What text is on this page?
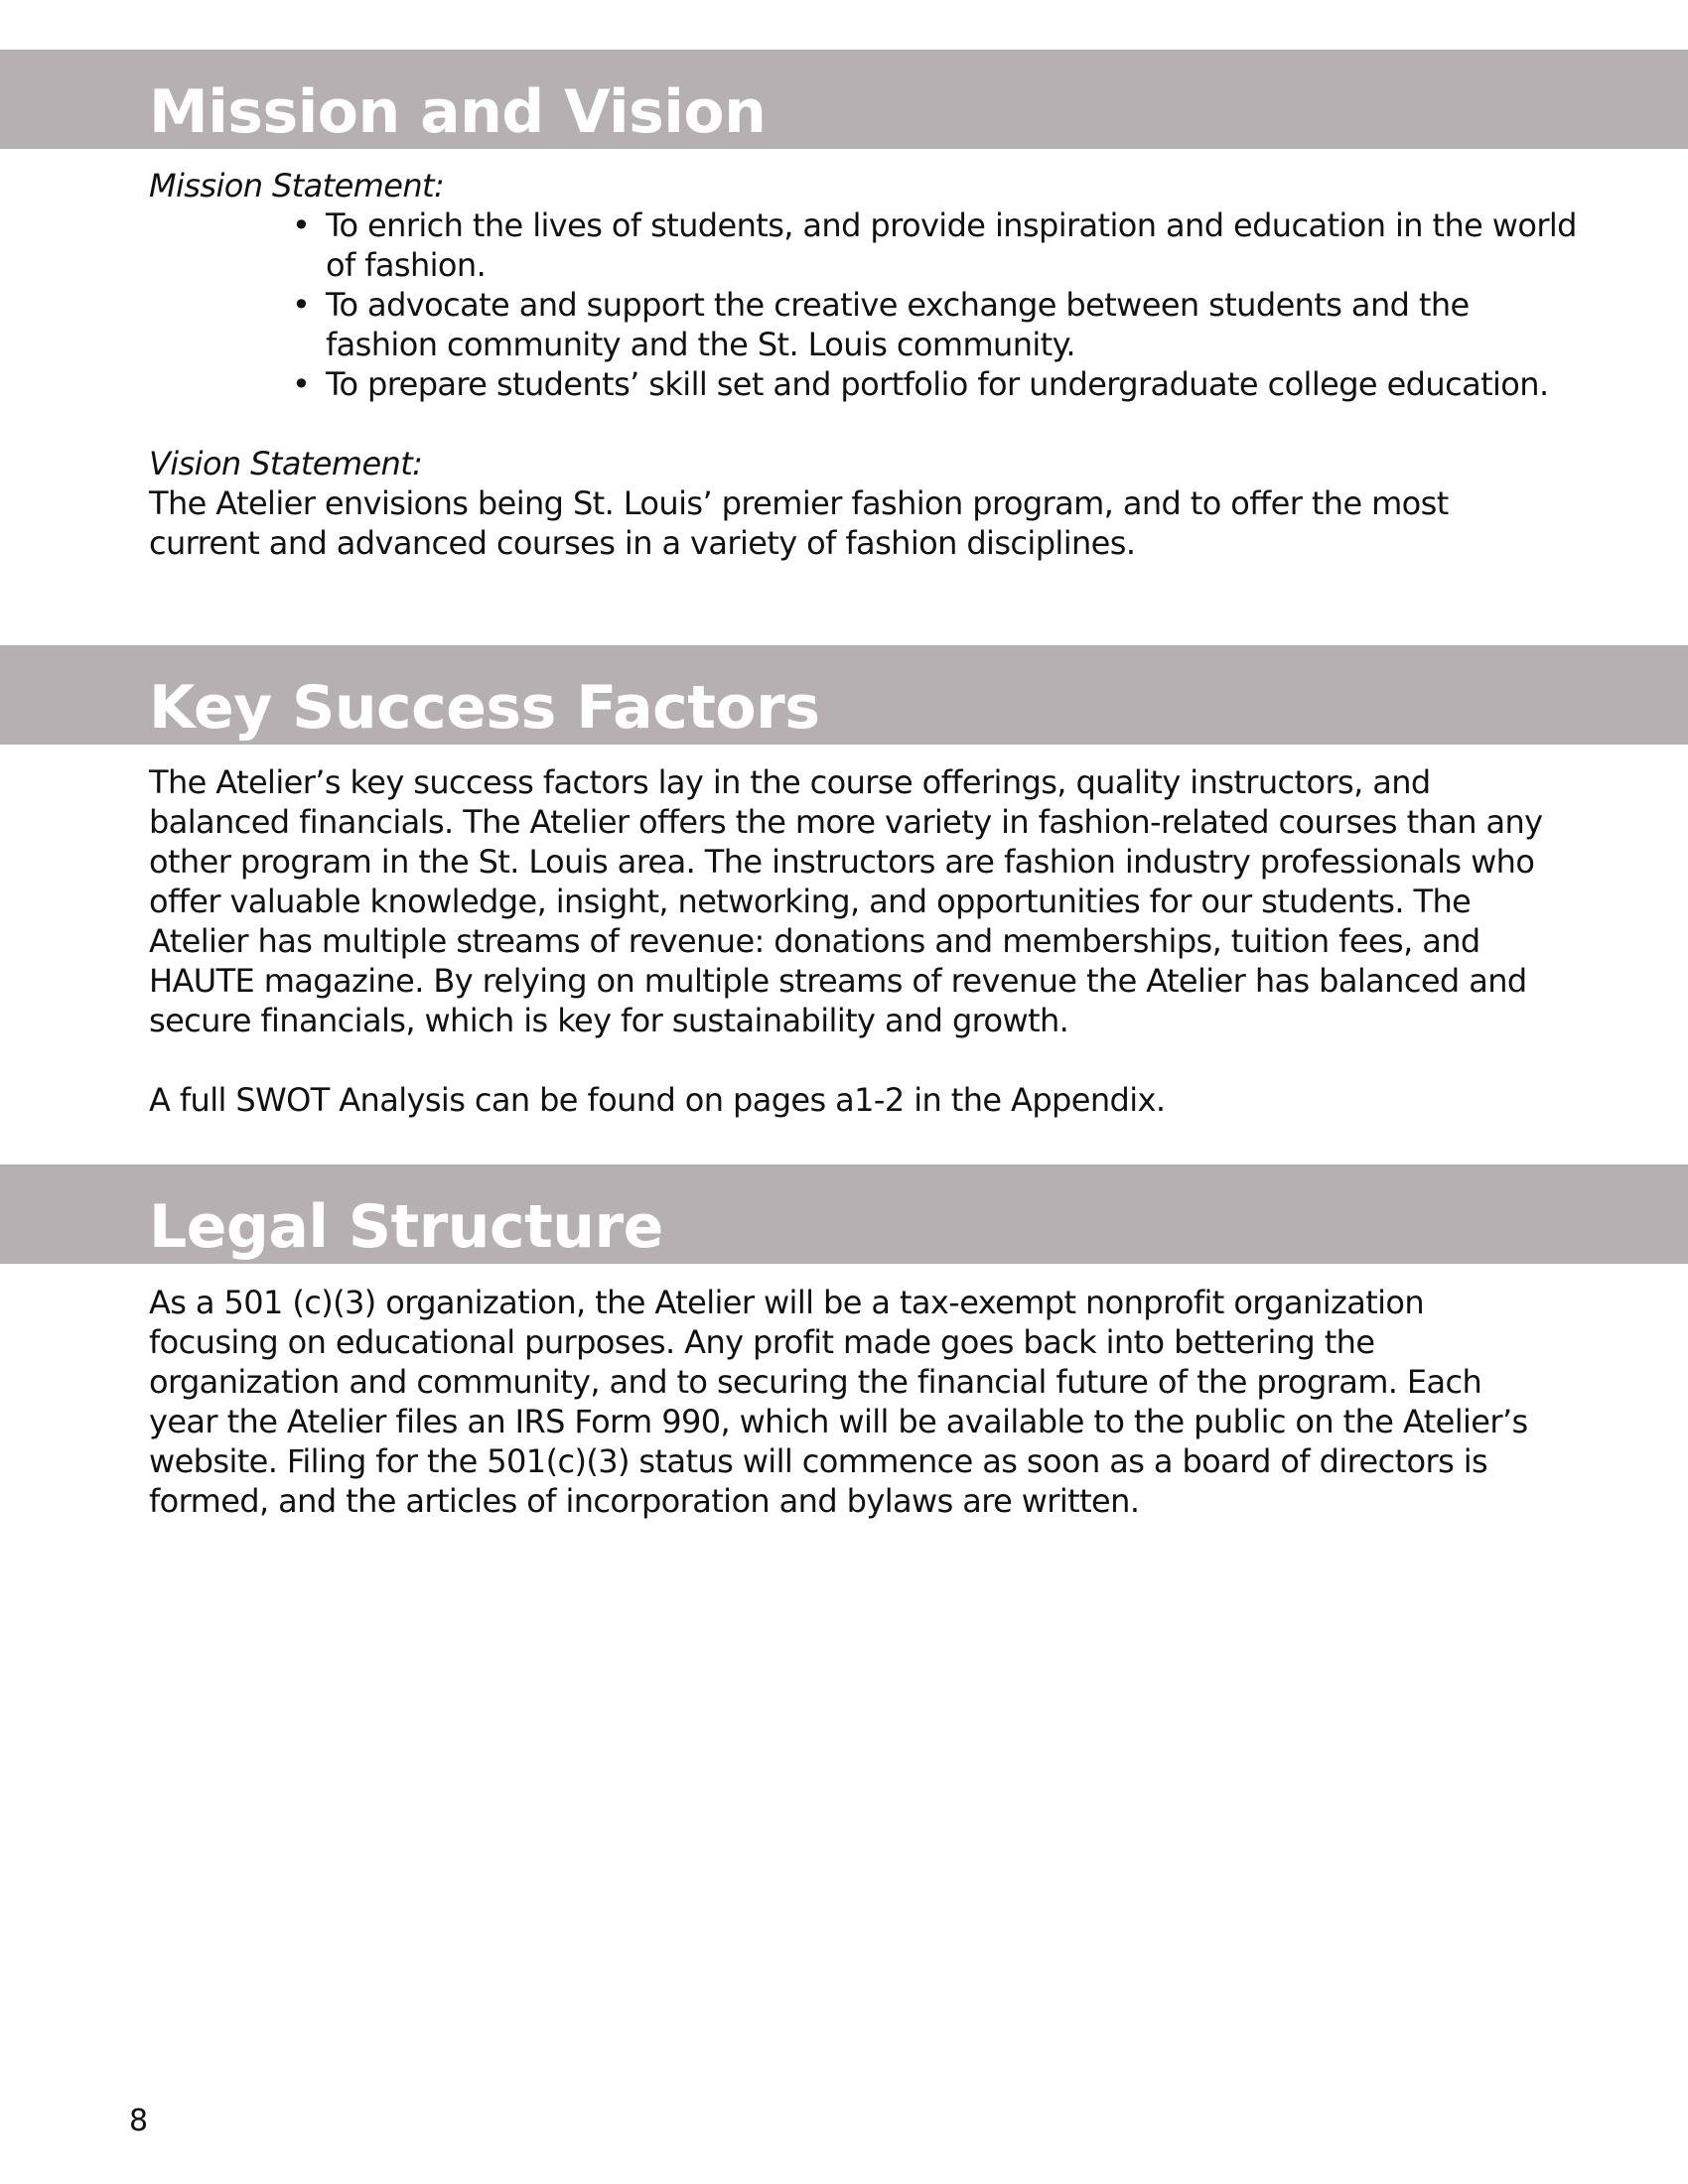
Mission and Vision

Mission Statement:

• To enrich the lives of students, and provide inspiration and education in the world of fashion.
• To advocate and support the creative exchange between students and the fashion community and the St. Louis community.
• To prepare students’ skill set and portfolio for undergraduate college education.

Vision Statement:

The Atelier envisions being St. Louis’ premier fashion program, and to offer the most current and advanced courses in a variety of fashion disciplines.

Key Success Factors

The Atelier’s key success factors lay in the course offerings, quality instructors, and balanced financials. The Atelier offers the more variety in fashion-related courses than any other program in the St. Louis area. The instructors are fashion industry professionals who offer valuable knowledge, insight, networking, and opportunities for our students. The Atelier has multiple streams of revenue: donations and memberships, tuition fees, and HAUTE magazine. By relying on multiple streams of revenue the Atelier has balanced and secure financials, which is key for sustainability and growth.

A full SWOT Analysis can be found on pages a1-2 in the Appendix.

Legal Structure

As a 501 (c)(3) organization, the Atelier will be a tax-exempt nonprofit organization focusing on educational purposes. Any profit made goes back into bettering the organization and community, and to securing the financial future of the program. Each year the Atelier files an IRS Form 990, which will be available to the public on the Atelier’s website. Filing for the 501(c)(3) status will commence as soon as a board of directors is formed, and the articles of incorporation and bylaws are written.

8
